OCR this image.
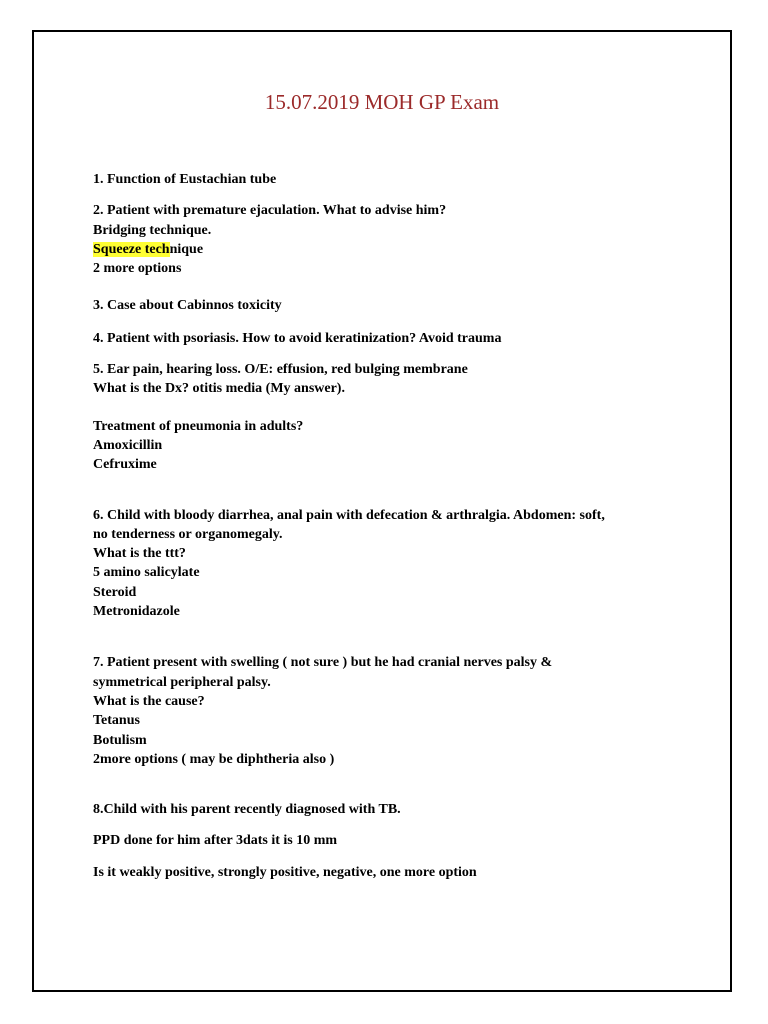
15.07.2019 MOH GP Exam
1. Function of Eustachian tube
2. Patient with premature ejaculation. What to advise him?
Bridging technique.
Squeeze technique
2 more options
3. Case about Cabinnos toxicity
4. Patient with psoriasis. How to avoid keratinization? Avoid trauma
5. Ear pain, hearing loss. O/E: effusion, red bulging membrane
What is the Dx? otitis media (My answer).
Treatment of pneumonia in adults?
Amoxicillin
Cefruxime
6. Child with bloody diarrhea, anal pain with defecation & arthralgia. Abdomen: soft,
no tenderness or organomegaly.
What is the ttt?
5 amino salicylate
Steroid
Metronidazole
7. Patient present with swelling ( not sure ) but he had cranial nerves palsy &
symmetrical peripheral palsy.
What is the cause?
Tetanus
Botulism
2more options ( may be diphtheria also )
8.Child with his parent recently diagnosed with TB.
PPD done for him after 3dats it is 10 mm
Is it weakly positive, strongly positive, negative, one more option
